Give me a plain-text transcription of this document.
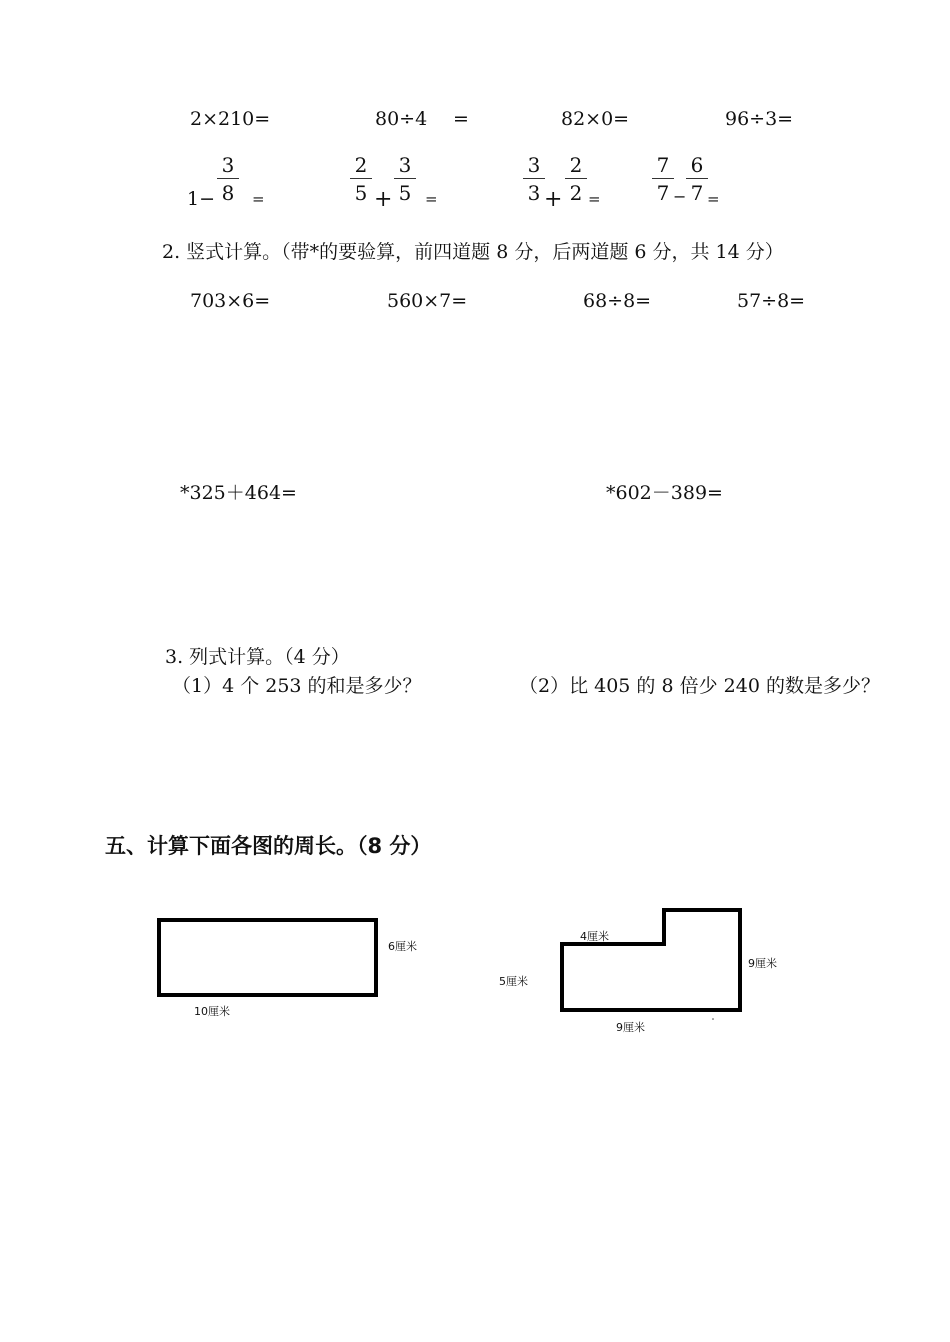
2×210=	80÷4 =	82×0=	96÷3=
$1- \frac{3}{8}$ =	$\frac{2}{5} + \frac{3}{5}$ =	$\frac{3}{3} + \frac{2}{2}$ =	$\frac{7}{7} - \frac{6}{7}$ =
2. 竖式计算。（带*的要验算，前四道题 8 分，后两道题 6 分，共 14 分）
703×6=	560×7=	68÷8=	57÷8=
*325＋464=	*602－389=
3. 列式计算。（4 分）
（1）4 个 253 的和是多少？	（2）比 405 的 8 倍少 240 的数是多少？
五、计算下面各图的周长。（8 分）
6厘米
10厘米
4厘米
5厘米
9厘米
9厘米
